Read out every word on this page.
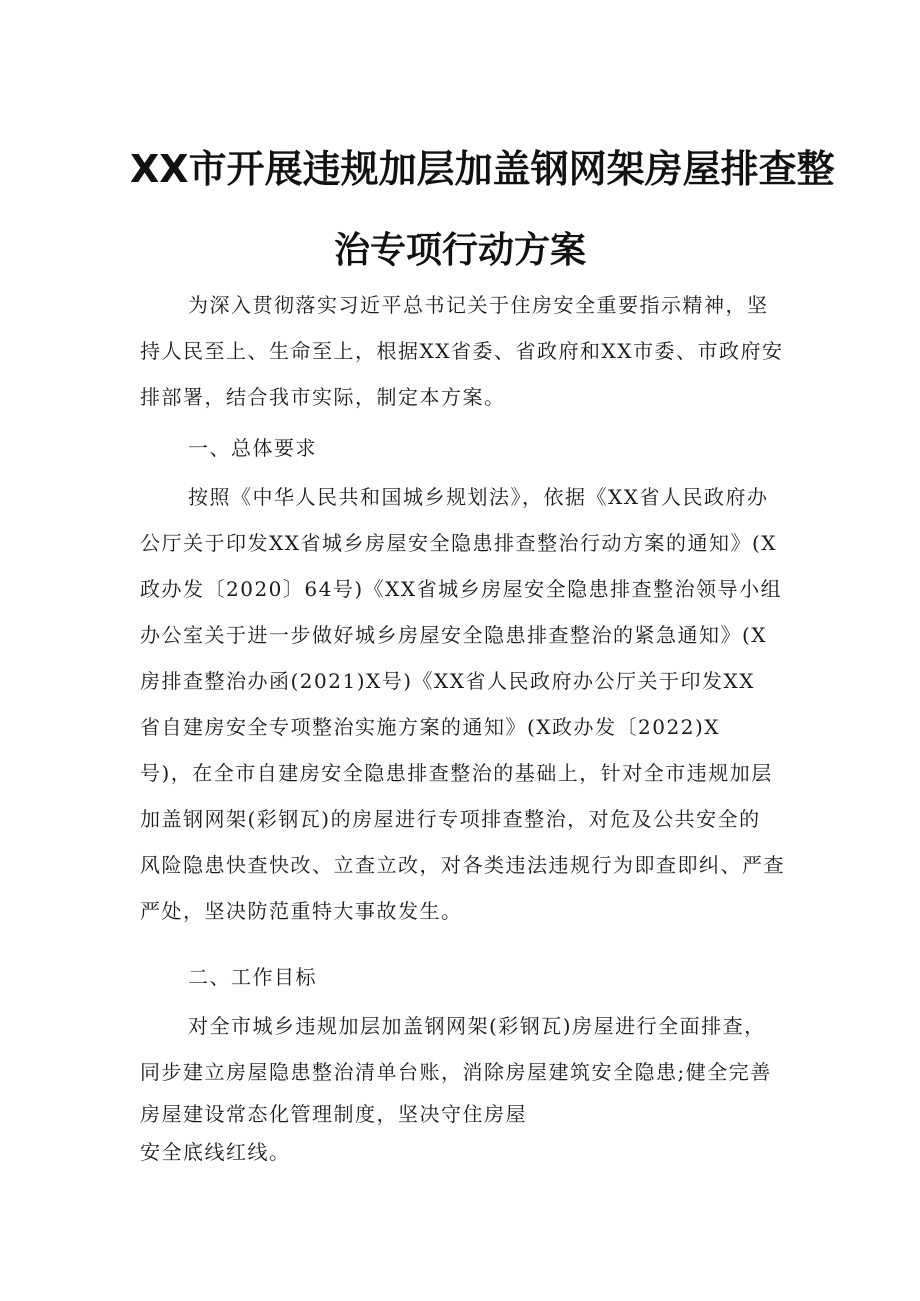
XX市开展违规加层加盖钢网架房屋排查整
治专项行动方案
为深入贯彻落实习近平总书记关于住房安全重要指示精神，坚
持人民至上、生命至上，根据XX省委、省政府和XX市委、市政府安
排部署，结合我市实际，制定本方案。
一、总体要求
按照《中华人民共和国城乡规划法》，依据《XX省人民政府办
公厅关于印发XX省城乡房屋安全隐患排查整治行动方案的通知》(X
政办发〔2020〕64号)《XX省城乡房屋安全隐患排查整治领导小组
办公室关于进一步做好城乡房屋安全隐患排查整治的紧急通知》(X
房排查整治办函(2021)X号)《XX省人民政府办公厅关于印发XX
省自建房安全专项整治实施方案的通知》(X政办发〔2022)X
号)，在全市自建房安全隐患排查整治的基础上，针对全市违规加层
加盖钢网架(彩钢瓦)的房屋进行专项排查整治，对危及公共安全的
风险隐患快查快改、立查立改，对各类违法违规行为即查即纠、严查
严处，坚决防范重特大事故发生。
二、工作目标
对全市城乡违规加层加盖钢网架(彩钢瓦)房屋进行全面排查，
同步建立房屋隐患整治清单台账，消除房屋建筑安全隐患;健全完善
房屋建设常态化管理制度，坚决守住房屋
安全底线红线。
